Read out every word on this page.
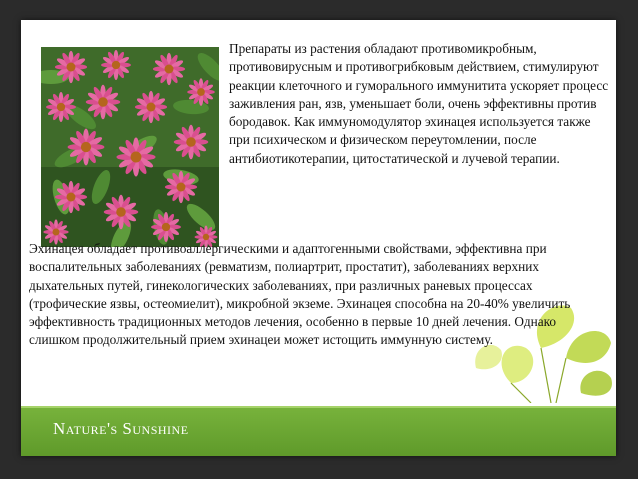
Препараты из растения обладают противомикробным, противовирусным и противогрибковым действием, стимулируют реакции клеточного и гуморального иммунитита ускоряет процесс заживления ран, язв, уменьшает боли, очень эффективны против бородавок. Как иммуномодулятор эхинацея используется также при психическом и физическом переутомлении, после антибиотикотерапии, цитостатической и лучевой терапии.

Эхинацея обладает противоаллергическими и адаптогенными свойствами, эффективна при воспалительных заболеваниях (ревматизм, полиартрит, простатит), заболеваниях верхних дыхательных путей, гинекологических заболеваниях, при различных раневых процессах (трофические язвы, остеомиелит), микробной экземе. Эхинацея способна на 20-40% увеличить эффективность традиционных методов лечения, особенно в первые 10 дней лечения. Однако слишком продолжительный прием эхинацеи может истощить иммунную систему.

Nature's Sunshine
